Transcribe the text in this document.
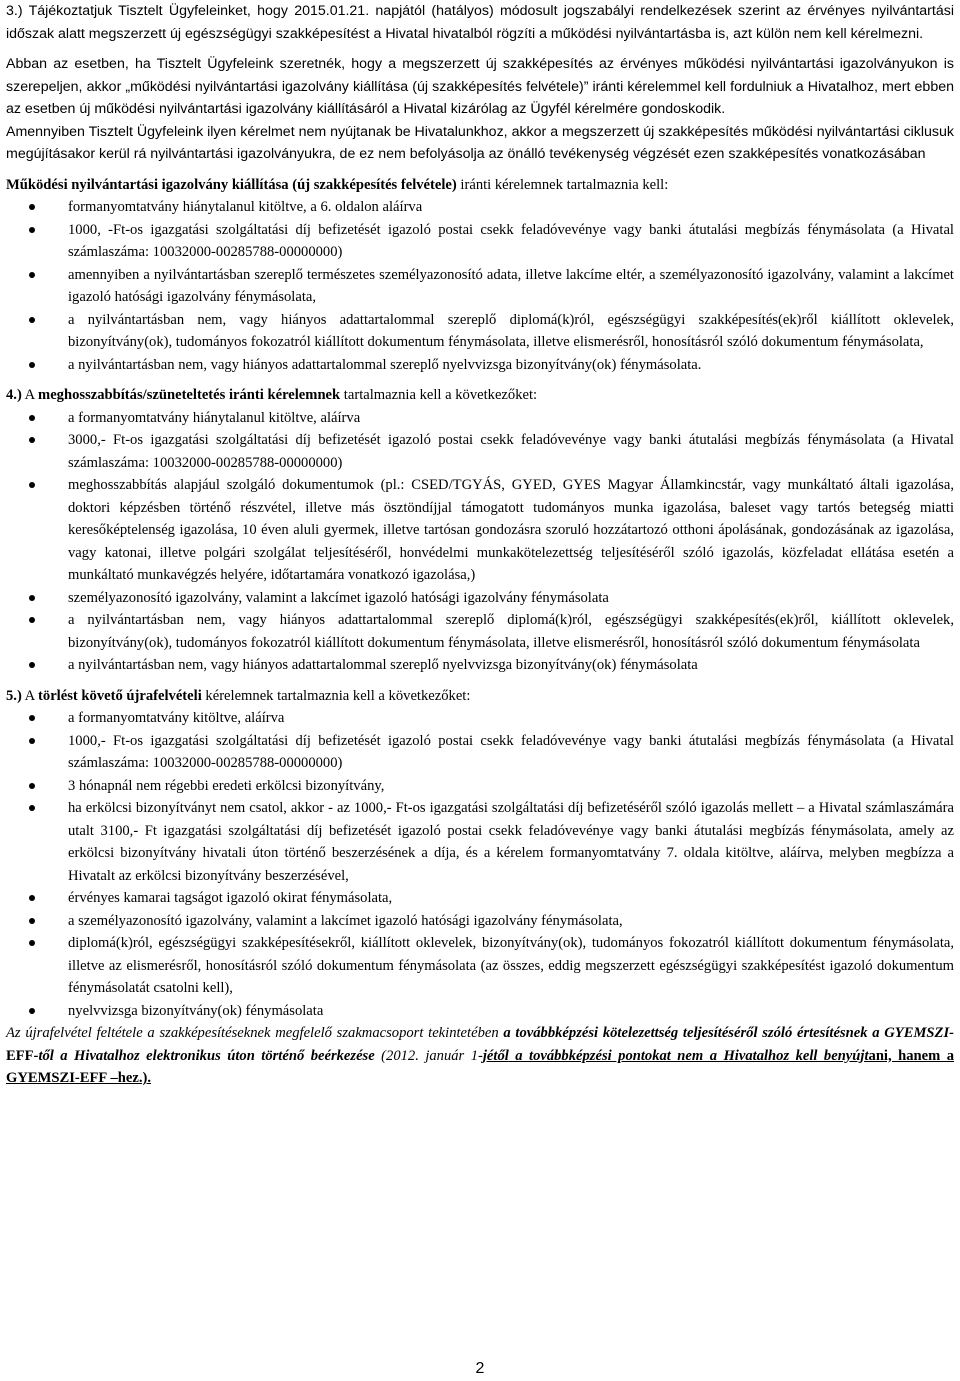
3.) Tájékoztatjuk Tisztelt Ügyfeleinket, hogy 2015.01.21. napjától (hatályos) módosult jogszabályi rendelkezések szerint az érvényes nyilvántartási időszak alatt megszerzett új egészségügyi szakképesítést a Hivatal hivatalból rögzíti a működési nyilvántartásba is, azt külön nem kell kérelmezni.

Abban az esetben, ha Tisztelt Ügyfeleink szeretnék, hogy a megszerzett új szakképesítés az érvényes működési nyilvántartási igazolványukon is szerepeljen, akkor „működési nyilvántartási igazolvány kiállítása (új szakképesítés felvétele)” iránti kérelemmel kell fordulniuk a Hivatalhoz, mert ebben az esetben új működési nyilvántartási igazolvány kiállításáról a Hivatal kizárólag az Ügyfél kérelmére gondoskodik.

Amennyiben Tisztelt Ügyfeleink ilyen kérelmet nem nyújtanak be Hivatalunkhoz, akkor a megszerzett új szakképesítés működési nyilvántartási ciklusuk megújításakor kerül rá nyilvántartási igazolványukra, de ez nem befolyásolja az önálló tevékenység végzését ezen szakképesítés vonatkozásában

Működési nyilvántartási igazolvány kiállítása (új szakképesítés felvétele) iránti kérelemnek tartalmaznia kell:

formanyomtatvány hiánytalanul kitöltve, a 6. oldalon aláírva
1000, -Ft-os igazgatási szolgáltatási díj befizetését igazoló postai csekk feladóvevénye vagy banki átutalási megbízás fénymásolata (a Hivatal számlaszáma: 10032000-00285788-00000000)
amennyiben a nyilvántartásban szereplő természetes személyazonosító adata, illetve lakcíme eltér, a személyazonosító igazolvány, valamint a lakcímet igazoló hatósági igazolvány fénymásolata,
a nyilvántartásban nem, vagy hiányos adattartalommal szereplő diplomá(k)ról, egészségügyi szakképesítés(ek)ről kiállított oklevelek, bizonyítvány(ok), tudományos fokozatról kiállított dokumentum fénymásolata, illetve elismerésről, honosításról szóló dokumentum fénymásolata,
a nyilvántartásban nem, vagy hiányos adattartalommal szereplő nyelvvizsga bizonyítvány(ok) fénymásolata.

4.) A meghosszabbítás/szüneteltetés iránti kérelemnek tartalmaznia kell a következőket:

a formanyomtatvány hiánytalanul kitöltve, aláírva
3000,- Ft-os igazgatási szolgáltatási díj befizetését igazoló postai csekk feladóvevénye vagy banki átutalási megbízás fénymásolata (a Hivatal számlaszáma: 10032000-00285788-00000000)
meghosszabbítás alapjául szolgáló dokumentumok (pl.: CSED/TGYÁS, GYED, GYES Magyar Államkincstár, vagy munkáltató általi igazolása, doktori képzésben történő részvétel, illetve más ösztöndíjjal támogatott tudományos munka igazolása, baleset vagy tartós betegség miatti keresőképtelenség igazolása, 10 éven aluli gyermek, illetve tartósan gondozásra szoruló hozzátartozó otthoni ápolásának, gondozásának az igazolása, vagy katonai, illetve polgári szolgálat teljesítéséről, honvédelmi munkakötelezettség teljesítéséről szóló igazolás, közfeladat ellátása esetén a munkáltató munkavégzés helyére, időtartamára vonatkozó igazolása,)
személyazonosító igazolvány, valamint a lakcímet igazoló hatósági igazolvány fénymásolata
a nyilvántartásban nem, vagy hiányos adattartalommal szereplő diplomá(k)ról, egészségügyi szakképesítés(ek)ről, kiállított oklevelek, bizonyítvány(ok), tudományos fokozatról kiállított dokumentum fénymásolata, illetve elismerésről, honosításról szóló dokumentum fénymásolata
a nyilvántartásban nem, vagy hiányos adattartalommal szereplő nyelvvizsga bizonyítvány(ok) fénymásolata

5.) A törlést követő újrafelvételi kérelemnek tartalmaznia kell a következőket:

a formanyomtatvány kitöltve, aláírva
1000,- Ft-os igazgatási szolgáltatási díj befizetését igazoló postai csekk feladóvevénye vagy banki átutalási megbízás fénymásolata (a Hivatal számlaszáma: 10032000-00285788-00000000)
3 hónapnál nem régebbi eredeti erkölcsi bizonyítvány,
ha erkölcsi bizonyítványt nem csatol, akkor - az 1000,- Ft-os igazgatási szolgáltatási díj befizetéséről szóló igazolás mellett – a Hivatal számlaszámára utalt 3100,- Ft igazgatási szolgáltatási díj befizetését igazoló postai csekk feladóvevénye vagy banki átutalási megbízás fénymásolata, amely az erkölcsi bizonyítvány hivatali úton történő beszerzésének a díja, és a kérelem formanyomtatvány 7. oldala kitöltve, aláírva, melyben megbízza a Hivatalt az erkölcsi bizonyítvány beszerzésével,
érvényes kamarai tagságot igazoló okirat fénymásolata,
a személyazonosító igazolvány, valamint a lakcímet igazoló hatósági igazolvány fénymásolata,
diplomá(k)ról, egészségügyi szakképesítésekről, kiállított oklevelek, bizonyítvány(ok), tudományos fokozatról kiállított dokumentum fénymásolata, illetve az elismerésről, honosításról szóló dokumentum fénymásolata (az összes, eddig megszerzett egészségügyi szakképesítést igazoló dokumentum fénymásolatát csatolni kell),
nyelvvizsga bizonyítvány(ok) fénymásolata

Az újrafelvétel feltétele a szakképesítéseknek megfelelő szakmacsoport tekintetében a továbbképzési kötelezettség teljesítéséről szóló értesítésnek a GYEMSZI-EFF-től a Hivatalhoz elektronikus úton történő beérkezése (2012. január 1-jétől a továbbképzési pontokat nem a Hivatalhoz kell benyújtani, hanem a GYEMSZI-EFF –hez.).

2
